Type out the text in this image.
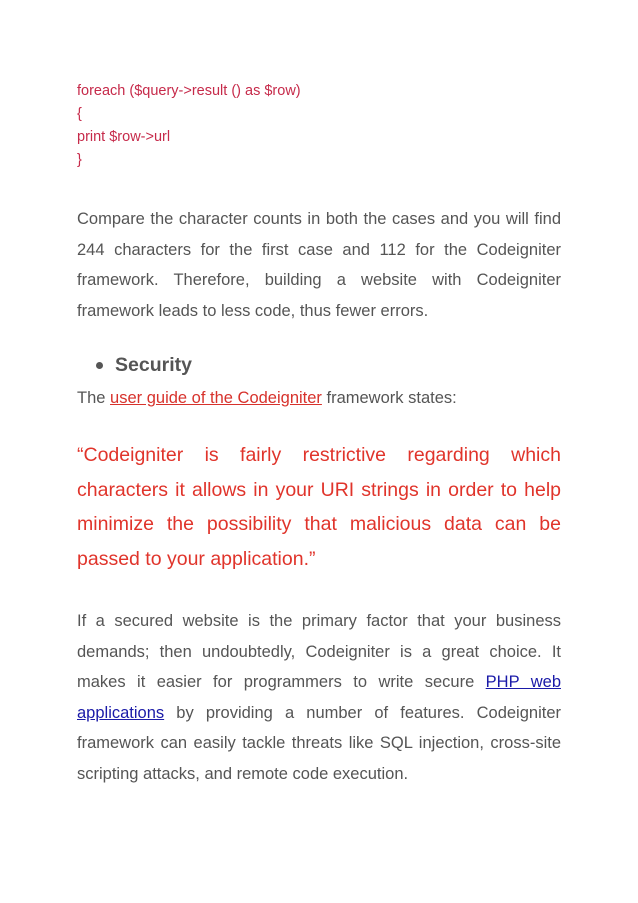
foreach ($query->result () as $row)
{
print $row->url
}

Compare the character counts in both the cases and you will find 244 characters for the first case and 112 for the Codeigniter framework. Therefore, building a website with Codeigniter framework leads to less code, thus fewer errors.

Security

The user guide of the Codeigniter framework states:

“Codeigniter is fairly restrictive regarding which characters it allows in your URI strings in order to help minimize the possibility that malicious data can be passed to your application.”

If a secured website is the primary factor that your business demands; then undoubtedly, Codeigniter is a great choice. It makes it easier for programmers to write secure PHP web applications by providing a number of features. Codeigniter framework can easily tackle threats like SQL injection, cross-site scripting attacks, and remote code execution.
